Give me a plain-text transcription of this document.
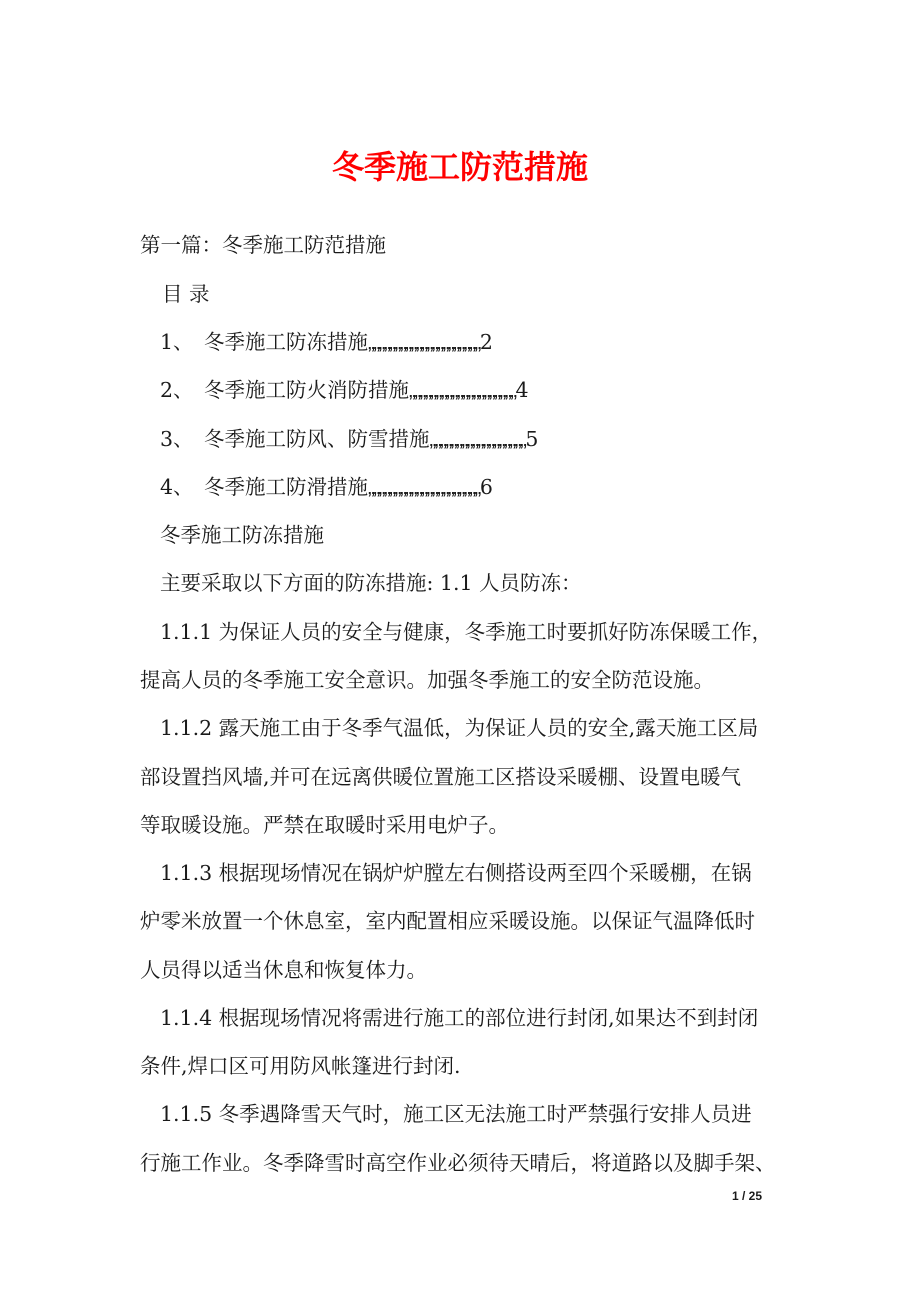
冬季施工防范措施
第一篇：冬季施工防范措施
目 录
1、 冬季施工防冻措施„„„„„„„„„„„„„„„„„„„„„2
2、 冬季施工防火消防措施„„„„„„„„„„„„„„„„„„„„4
3、 冬季施工防风、防雪措施„„„„„„„„„„„„„„„„„„5
4、 冬季施工防滑措施„„„„„„„„„„„„„„„„„„„„„6
冬季施工防冻措施
主要采取以下方面的防冻措施: 1.1 人员防冻：
1.1.1 为保证人员的安全与健康，冬季施工时要抓好防冻保暖工作，
提高人员的冬季施工安全意识。加强冬季施工的安全防范设施。
1.1.2 露天施工由于冬季气温低，为保证人员的安全,露天施工区局
部设置挡风墙,并可在远离供暖位置施工区搭设采暖棚、设置电暖气
等取暖设施。严禁在取暖时采用电炉子。
1.1.3 根据现场情况在锅炉炉膛左右侧搭设两至四个采暖棚，在锅
炉零米放置一个休息室，室内配置相应采暖设施。以保证气温降低时
人员得以适当休息和恢复体力。
1.1.4 根据现场情况将需进行施工的部位进行封闭,如果达不到封闭
条件,焊口区可用防风帐篷进行封闭.
1.1.5 冬季遇降雪天气时，施工区无法施工时严禁强行安排人员进
行施工作业。冬季降雪时高空作业必须待天晴后，将道路以及脚手架、
1 / 25
